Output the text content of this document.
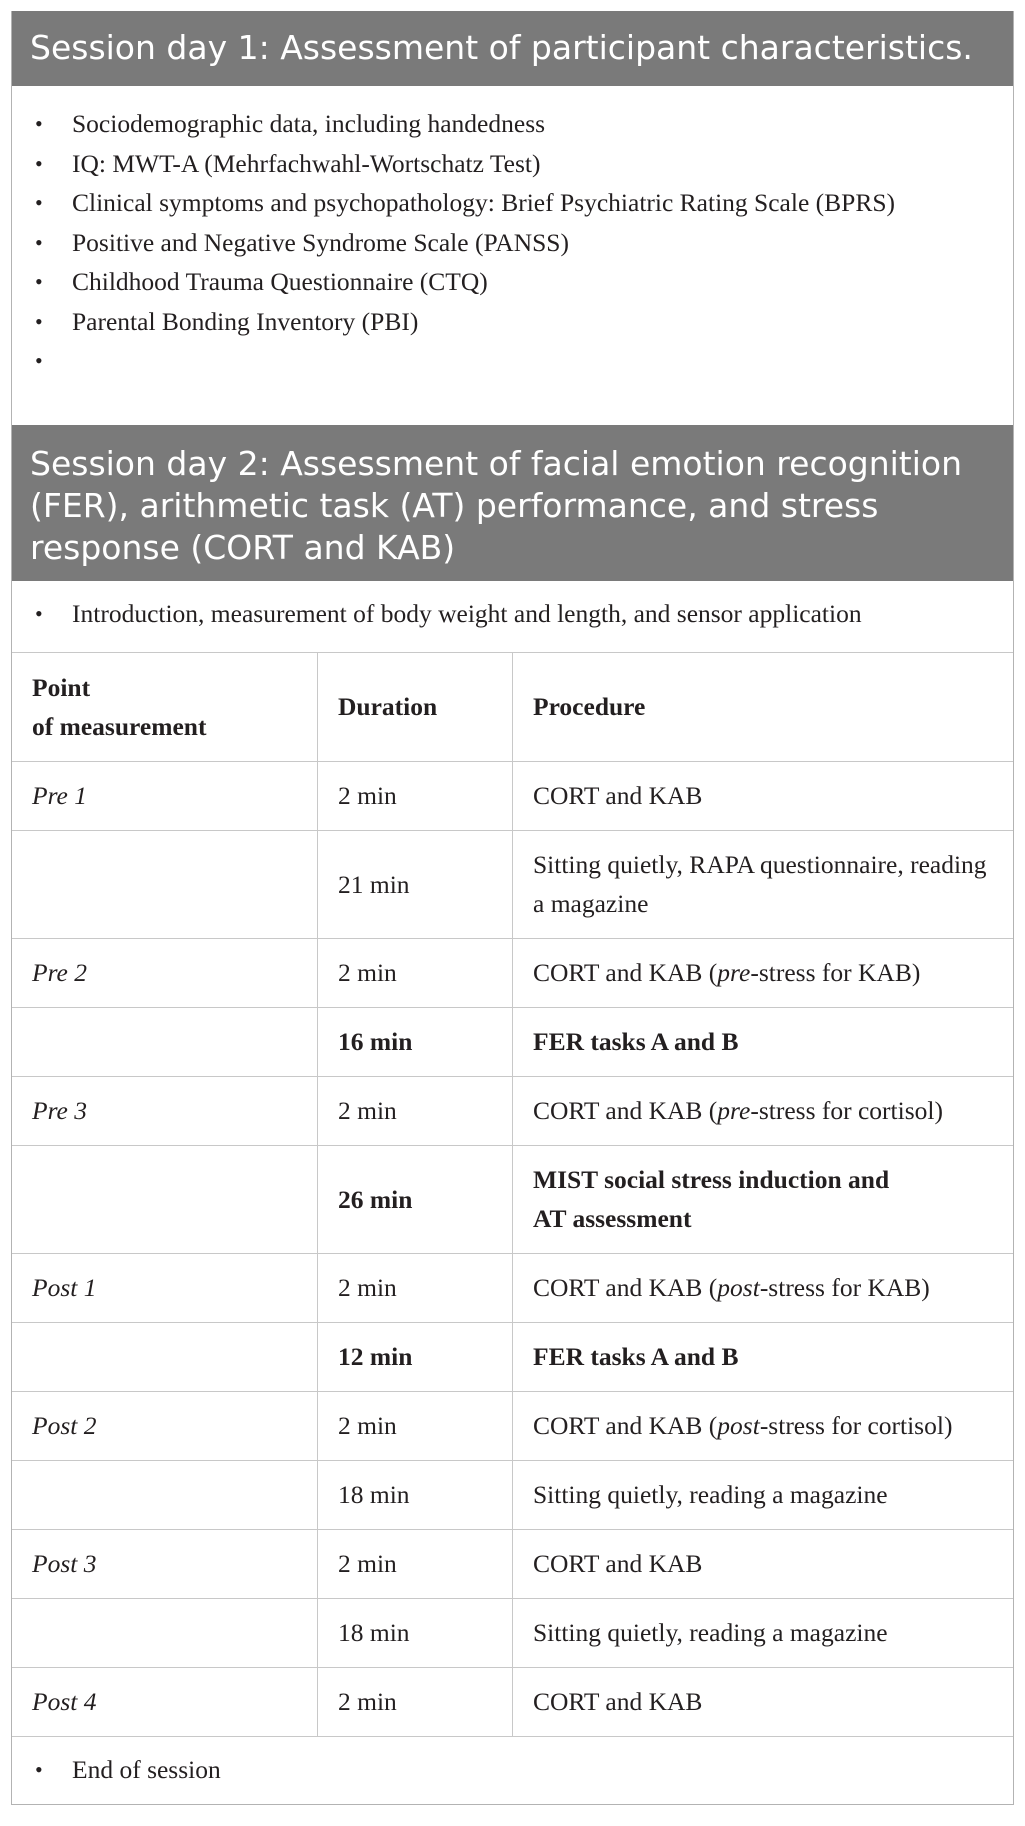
Session day 1: Assessment of participant characteristics.
• Sociodemographic data, including handedness
• IQ: MWT-A (Mehrfachwahl-Wortschatz Test)
•	Clinical symptoms and psychopathology: Brief Psychiatric Rating Scale (BPRS)
• Positive and Negative Syndrome Scale (PANSS)
• Childhood Trauma Questionnaire (CTQ)
• Parental Bonding Inventory (PBI)
•
Session day 2: Assessment of facial emotion recognition (FER), arithmetic task (AT) performance, and stress response (CORT and KAB)
• Introduction, measurement of body weight and length, and sensor application
Point
of measurement	Duration	Procedure
Pre 1	2 min	CORT and KAB
	21 min	Sitting quietly, RAPA questionnaire, reading a magazine
Pre 2	2 min	CORT and KAB (pre-stress for KAB)
	16 min	FER tasks A and B
Pre 3	2 min	CORT and KAB (pre-stress for cortisol)
	26 min	MIST social stress induction and
AT assessment
Post 1	2 min	CORT and KAB (post-stress for KAB)
	12 min	FER tasks A and B
Post 2	2 min	CORT and KAB (post-stress for cortisol)
	18 min	Sitting quietly, reading a magazine
Post 3	2 min	CORT and KAB
	18 min	Sitting quietly, reading a magazine
Post 4	2 min	CORT and KAB
• End of session
